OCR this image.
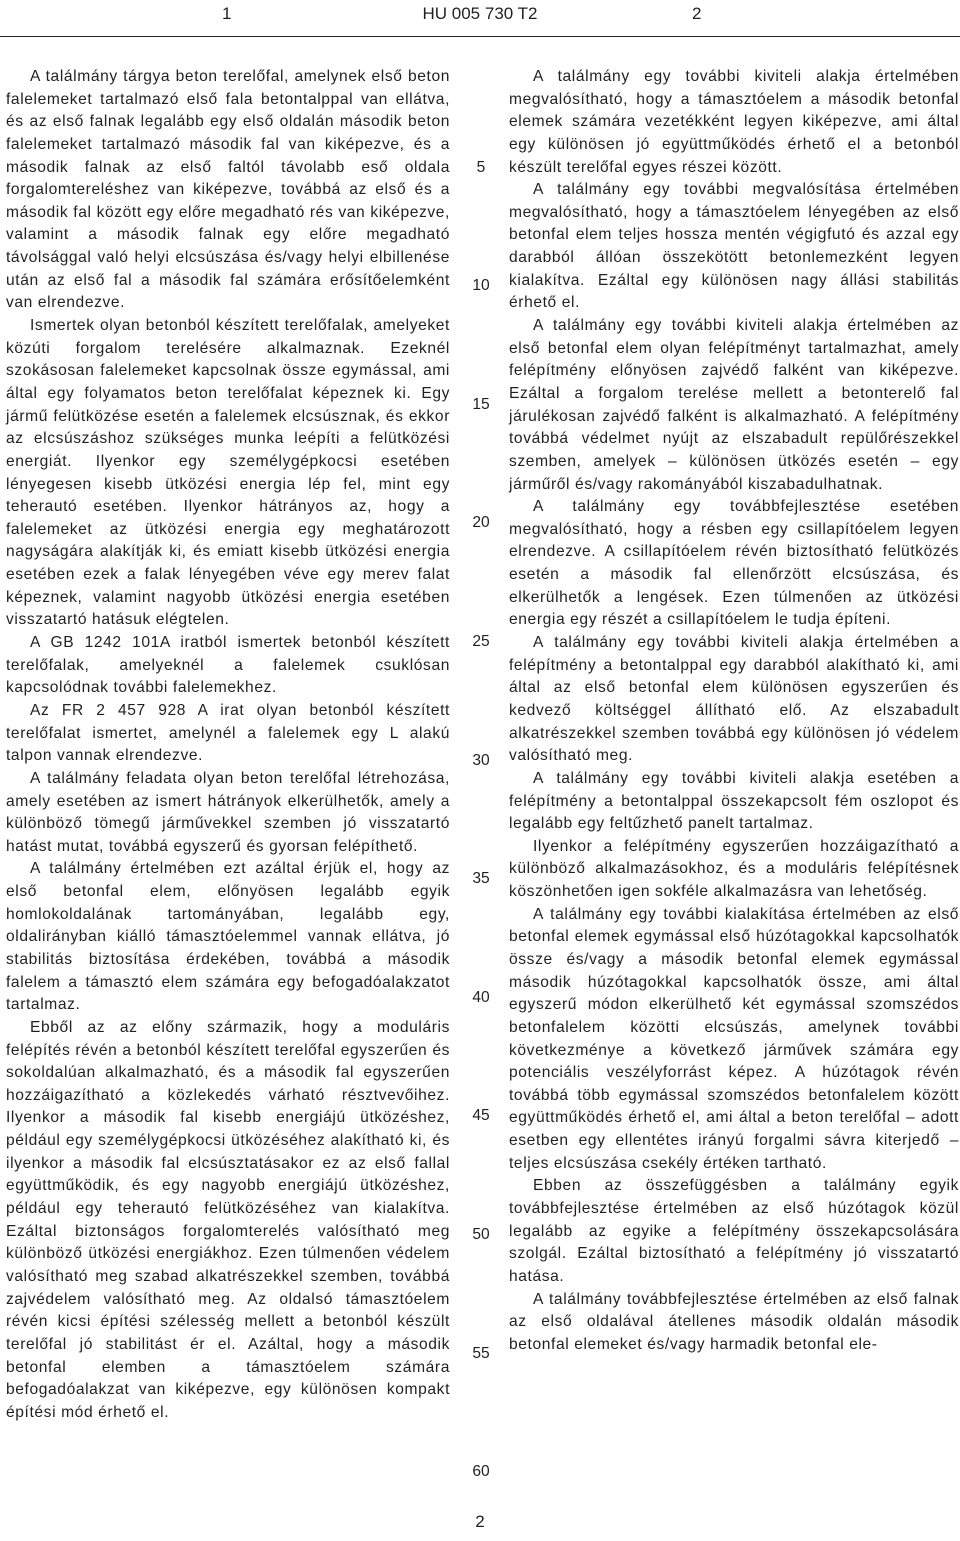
1	HU 005 730 T2	2

A találmány tárgya beton terelőfal, amelynek első beton falelemeket tartalmazó első fala betontalppal van ellátva, és az első falnak legalább egy első oldalán második beton falelemeket tartalmazó második fal van kiképezve, és a második falnak az első faltól távolabb eső oldala forgalomtereléshez van kiképezve, továbbá az első és a második fal között egy előre megadható rés van kiképezve, valamint a második falnak egy előre megadható távolsággal való helyi elcsúszása és/vagy helyi elbillenése után az első fal a második fal számára erősítőelemként van elrendezve.

Ismertek olyan betonból készített terelőfalak, amelyeket közúti forgalom terelésére alkalmaznak. Ezeknél szokásosan falelemeket kapcsolnak össze egymással, ami által egy folyamatos beton terelőfalat képeznek ki. Egy jármű felütközése esetén a falelemek elcsúsznak, és ekkor az elcsúszáshoz szükséges munka leépíti a felütközési energiát. Ilyenkor egy személygépkocsi esetében lényegesen kisebb ütközési energia lép fel, mint egy teherautó esetében. Ilyenkor hátrányos az, hogy a falelemeket az ütközési energia egy meghatározott nagyságára alakítják ki, és emiatt kisebb ütközési energia esetében ezek a falak lényegében véve egy merev falat képeznek, valamint nagyobb ütközési energia esetében visszatartó hatásuk elégtelen.

A GB 1242 101A iratból ismertek betonból készített terelőfalak, amelyeknél a falelemek csuklósan kapcsolódnak további falelemekhez.

Az FR 2 457 928 A irat olyan betonból készített terelőfalat ismertet, amelynél a falelemek egy L alakú talpon vannak elrendezve.

A találmány feladata olyan beton terelőfal létrehozása, amely esetében az ismert hátrányok elkerülhetők, amely a különböző tömegű járművekkel szemben jó visszatartó hatást mutat, továbbá egyszerű és gyorsan felépíthető.

A találmány értelmében ezt azáltal érjük el, hogy az első betonfal elem, előnyösen legalább egyik homlokoldalának tartományában, legalább egy, oldalirányban kiálló támasztóelemmel vannak ellátva, jó stabilitás biztosítása érdekében, továbbá a második falelem a támasztó elem számára egy befogadóalakzatot tartalmaz.

Ebből az az előny származik, hogy a moduláris felépítés révén a betonból készített terelőfal egyszerűen és sokoldalúan alkalmazható, és a második fal egyszerűen hozzáigazítható a közlekedés várható résztvevőihez. Ilyenkor a második fal kisebb energiájú ütközéshez, például egy személygépkocsi ütközéséhez alakítható ki, és ilyenkor a második fal elcsúsztatásakor ez az első fallal együttműködik, és egy nagyobb energiájú ütközéshez, például egy teherautó felütközéséhez van kialakítva. Ezáltal biztonságos forgalomterelés valósítható meg különböző ütközési energiákhoz. Ezen túlmenően védelem valósítható meg szabad alkatrészekkel szemben, továbbá zajvédelem valósítható meg. Az oldalsó támasztóelem révén kicsi építési szélesség mellett a betonból készült terelőfal jó stabilitást ér el. Azáltal, hogy a második betonfal elemben a támasztóelem számára befogadóalakzat van kiképezve, egy különösen kompakt építési mód érhető el.

5
10
15
20
25
30
35
40
45
50
55
60

A találmány egy további kiviteli alakja értelmében megvalósítható, hogy a támasztóelem a második betonfal elemek számára vezetékként legyen kiképezve, ami által egy különösen jó együttműködés érhető el a betonból készült terelőfal egyes részei között.

A találmány egy további megvalósítása értelmében megvalósítható, hogy a támasztóelem lényegében az első betonfal elem teljes hossza mentén végigfutó és azzal egy darabból állóan összekötött betonlemezként legyen kialakítva. Ezáltal egy különösen nagy állási stabilitás érhető el.

A találmány egy további kiviteli alakja értelmében az első betonfal elem olyan felépítményt tartalmazhat, amely felépítmény előnyösen zajvédő falként van kiképezve. Ezáltal a forgalom terelése mellett a betonterelő fal járulékosan zajvédő falként is alkalmazható. A felépítmény továbbá védelmet nyújt az elszabadult repülőrészekkel szemben, amelyek – különösen ütközés esetén – egy járműről és/vagy rakományából kiszabadulhatnak.

A találmány egy továbbfejlesztése esetében megvalósítható, hogy a résben egy csillapítóelem legyen elrendezve. A csillapítóelem révén biztosítható felütközés esetén a második fal ellenőrzött elcsúszása, és elkerülhetők a lengések. Ezen túlmenően az ütközési energia egy részét a csillapítóelem le tudja építeni.

A találmány egy további kiviteli alakja értelmében a felépítmény a betontalppal egy darabból alakítható ki, ami által az első betonfal elem különösen egyszerűen és kedvező költséggel állítható elő. Az elszabadult alkatrészekkel szemben továbbá egy különösen jó védelem valósítható meg.

A találmány egy további kiviteli alakja esetében a felépítmény a betontalppal összekapcsolt fém oszlopot és legalább egy feltűzhető panelt tartalmaz.

Ilyenkor a felépítmény egyszerűen hozzáigazítható a különböző alkalmazásokhoz, és a moduláris felépítésnek köszönhetően igen sokféle alkalmazásra van lehetőség.

A találmány egy további kialakítása értelmében az első betonfal elemek egymással első húzótagokkal kapcsolhatók össze és/vagy a második betonfal elemek egymással második húzótagokkal kapcsolhatók össze, ami által egyszerű módon elkerülhető két egymással szomszédos betonfalelem közötti elcsúszás, amelynek további következménye a következő járművek számára egy potenciális veszélyforrást képez. A húzótagok révén továbbá több egymással szomszédos betonfalelem között együttműködés érhető el, ami által a beton terelőfal – adott esetben egy ellentétes irányú forgalmi sávra kiterjedő – teljes elcsúszása csekély értéken tartható.

Ebben az összefüggésben a találmány egyik továbbfejlesztése értelmében az első húzótagok közül legalább az egyike a felépítmény összekapcsolására szolgál. Ezáltal biztosítható a felépítmény jó visszatartó hatása.

A találmány továbbfejlesztése értelmében az első falnak az első oldalával átellenes második oldalán második betonfal elemeket és/vagy harmadik betonfal ele-

2
